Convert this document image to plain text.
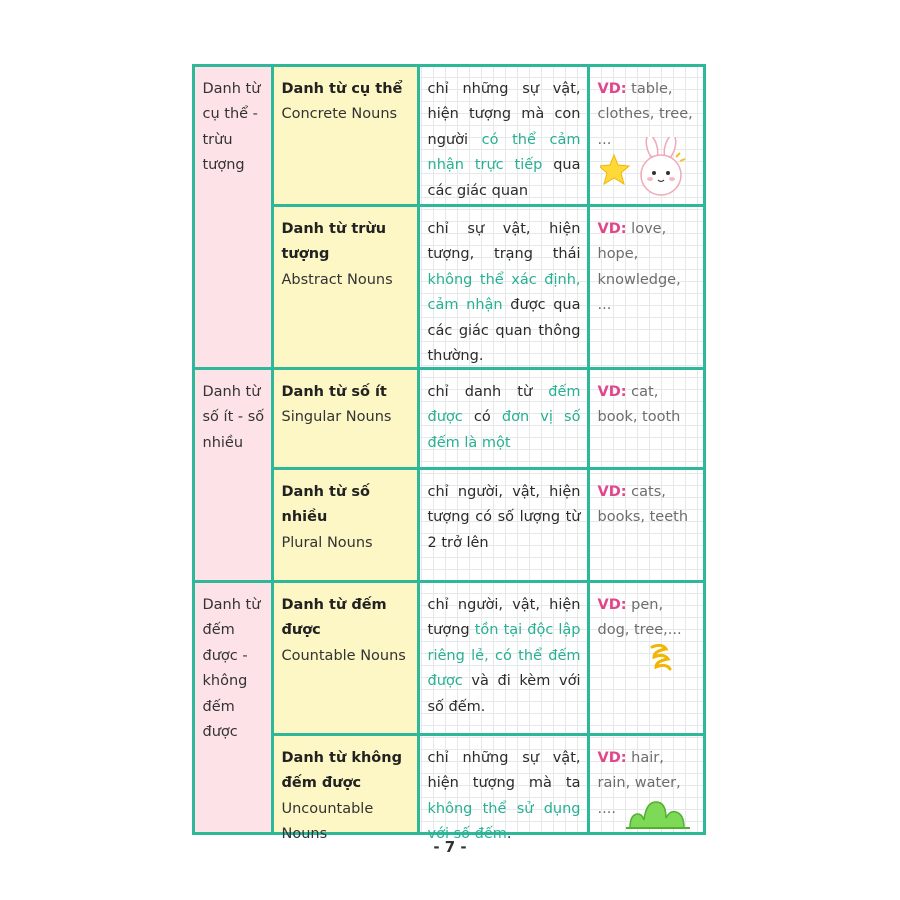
Danh từ cụ thể - trừu tượng
Danh từ số ít - số nhiều
Danh từ đếm được - không đếm được
Danh từ cụ thể
Concrete Nouns
chỉ những sự vật, hiện tượng mà con người có thể cảm nhận trực tiếp qua các giác quan
VD: table, clothes, tree, ...
Danh từ trừu tượng
Abstract Nouns
chỉ sự vật, hiện tượng, trạng thái không thể xác định, cảm nhận được qua các giác quan thông thường.
VD: love, hope, knowledge, ...
Danh từ số ít
Singular Nouns
chỉ danh từ đếm được có đơn vị số đếm là một
VD: cat, book, tooth
Danh từ số nhiều
Plural Nouns
chỉ người, vật, hiện tượng có số lượng từ 2 trở lên
VD: cats, books, teeth
Danh từ đếm được
Countable Nouns
chỉ người, vật, hiện tượng tồn tại độc lập riêng lẻ, có thể đếm được và đi kèm với số đếm.
VD: pen, dog, tree,...
Danh từ không đếm được
Uncountable Nouns
chỉ những sự vật, hiện tượng mà ta không thể sử dụng với số đếm.
VD: hair, rain, water, ....
- 7 -
